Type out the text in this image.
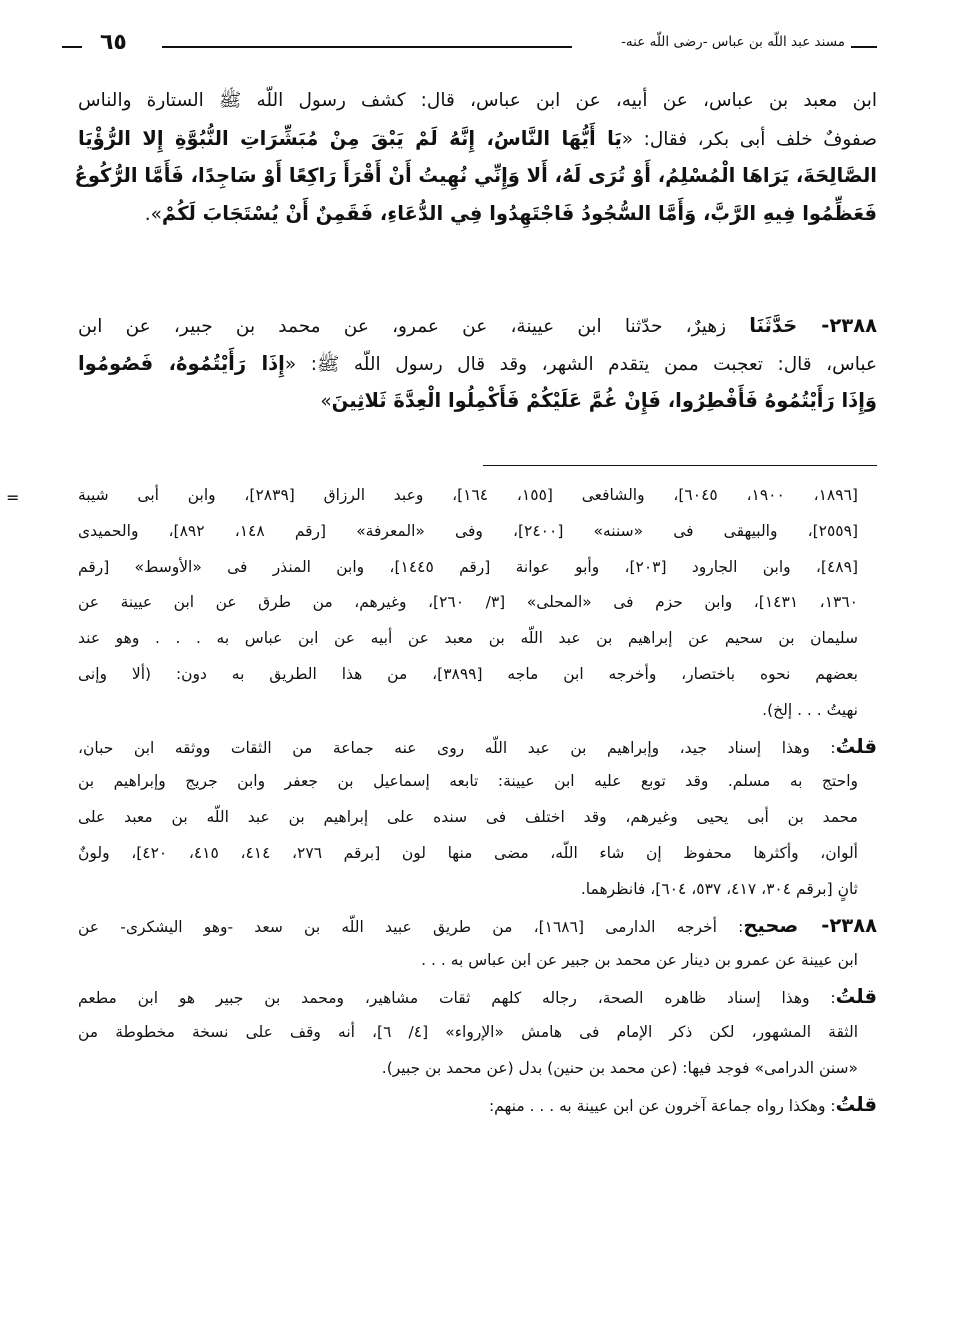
مسند عبد اللّه بن عباس -رضى اللّه عنه-
٦٥
ابن معبد بن عباس، عن أبيه، عن ابن عباس، قال: كشف رسول اللّه ﷺ الستارة والناس
صفوفٌ خلف أبى بكر، فقال: «يَا أَيُّهَا النَّاسُ، إِنَّهُ لَمْ يَبْقَ مِنْ مُبَشِّرَاتِ النُّبُوَّةِ إِلا الرُّؤْيَا
الصَّالِحَةَ، يَرَاهَا الْمُسْلِمُ، أَوْ تُرَى لَهُ، أَلا وَإِنِّي نُهِيتُ أَنْ أَقْرَأَ رَاكِعًا أَوْ سَاجِدًا، فَأَمَّا الرُّكُوعُ
فَعَظِّمُوا فِيهِ الرَّبَّ، وَأَمَّا السُّجُودُ فَاجْتَهِدُوا فِي الدُّعَاءِ، فَقَمِنٌ أَنْ يُسْتَجَابَ لَكُمْ».
٢٣٨٨- حَدَّثَنَا زهيرٌ، حدّثنا ابن عيينة، عن عمرو، عن محمد بن جبير، عن ابن
عباس، قال: تعجبت ممن يتقدم الشهر، وقد قال رسول اللّه ﷺ: «إِذَا رَأَيْتُمُوهُ، فَصُومُوا
وَإِذَا رَأَيْتُمُوهُ فَأَفْطِرُوا، فَإِنْ غُمَّ عَلَيْكُمْ فَأَكْمِلُوا الْعِدَّةَ ثَلاثِينَ»
=	[١٨٩٦، ١٩٠٠، ٦٠٤٥]، والشافعى [١٥٥، ١٦٤]، وعبد الرزاق [٢٨٣٩]، وابن أبى شيبة
[٢٥٥٩]، والبيهقى فى «سننه» [٢٤٠٠]، وفى «المعرفة» [رقم ١٤٨، ٨٩٢]، والحميدى
[٤٨٩]، وابن الجارود [٢٠٣]، وأبو عوانة [رقم ١٤٤٥]، وابن المنذر فى «الأوسط» [رقم
١٣٦٠، ١٤٣١]، وابن حزم فى «المحلى» [٣/ ٢٦٠]، وغيرهم، من طرق عن ابن عيينة عن
سليمان بن سحيم عن إبراهيم بن عبد اللّه بن معبد عن أبيه عن ابن عباس به . . . وهو عند
بعضهم نحوه باختصار، وأخرجه ابن ماجه [٣٨٩٩]، من هذا الطريق به دون: (ألا وإنى
نهيتُ . . . إلخ).
قلتُ: وهذا إسناد جيد، وإبراهيم بن عبد اللّه روى عنه جماعة من الثقات ووثقه ابن حبان،
واحتج به مسلم. وقد توبع عليه ابن عيينة: تابعه إسماعيل بن جعفر وابن جريج وإبراهيم بن
محمد بن أبى يحيى وغيرهم، وقد اختلف فى سنده على إبراهيم بن عبد اللّه بن معبد على
ألوان، وأكثرها محفوظ إن شاء اللّه، مضى منها لون [برقم ٢٧٦، ٤١٤، ٤١٥، ٤٢٠]، ولونٌ
ثانٍ [برقم ٣٠٤، ٤١٧، ٥٣٧، ٦٠٤]، فانظرهما.
٢٣٨٨- صحيح: أخرجه الدارمى [١٦٨٦]، من طريق عبيد اللّه بن سعد -وهو اليشكرى- عن
ابن عيينة عن عمرو بن دينار عن محمد بن جبير عن ابن عباس به . . .
قلتُ: وهذا إسناد ظاهره الصحة، رجاله كلهم ثقات مشاهير، ومحمد بن جبير هو ابن مطعم
الثقة المشهور، لكن ذكر الإمام فى هامش «الإرواء» [٤/ ٦]، أنه وقف على نسخة مخطوطة من
«سنن الدرامى» فوجد فيها: (عن محمد بن حنين) بدل (عن محمد بن جبير).
قلتُ: وهكذا رواه جماعة آخرون عن ابن عيينة به . . . منهم:
